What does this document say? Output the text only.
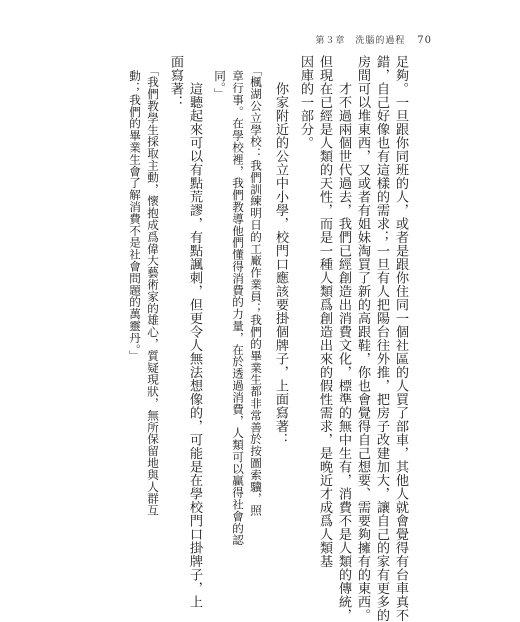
第３章　洗腦的過程 70
足夠。一旦跟你同班的人，或者是跟你住同一個社區的人買了部車，其他人就會覺得有台車真不
錯，自己好像也有這樣的需求；一旦有人把陽台往外推，把房子改建加大，讓自己的家有更多的
房間可以堆東西，又或者有姐妹淘買了新的高跟鞋，你也會覺得自己想要、需要夠擁有的東西。
　　才不過兩個世代過去，我們已經創造出消費文化，標準的無中生有，消費不是人類的傳統，
但現在已經是人類的天性，而是一種人類爲創造出來的假性需求，是晚近才成爲人類基
因庫的一部分。
　　你家附近的公立中小學，校門口應該要掛個牌子，上面寫著：
　「楓湖公立學校：我們訓練明日的工廠作業員；我們的畢業生都非常善於按圖索驥，照
　章行事。在學校裡，我們教導他們懂得消費的力量，在於透過消費，人類可以贏得社會的認
　同。」
　　這聽起來可以有點荒謬，有點諷刺，但更令人無法想像的，可能是在學校門口掛牌子，上
面寫著：
　「我們教學生採取主動，懷抱成爲偉大藝術家的雄心，質疑現狀，無所保留地與人群互
　動；我們的畢業生會了解消費不是社會問題的萬靈丹。」
